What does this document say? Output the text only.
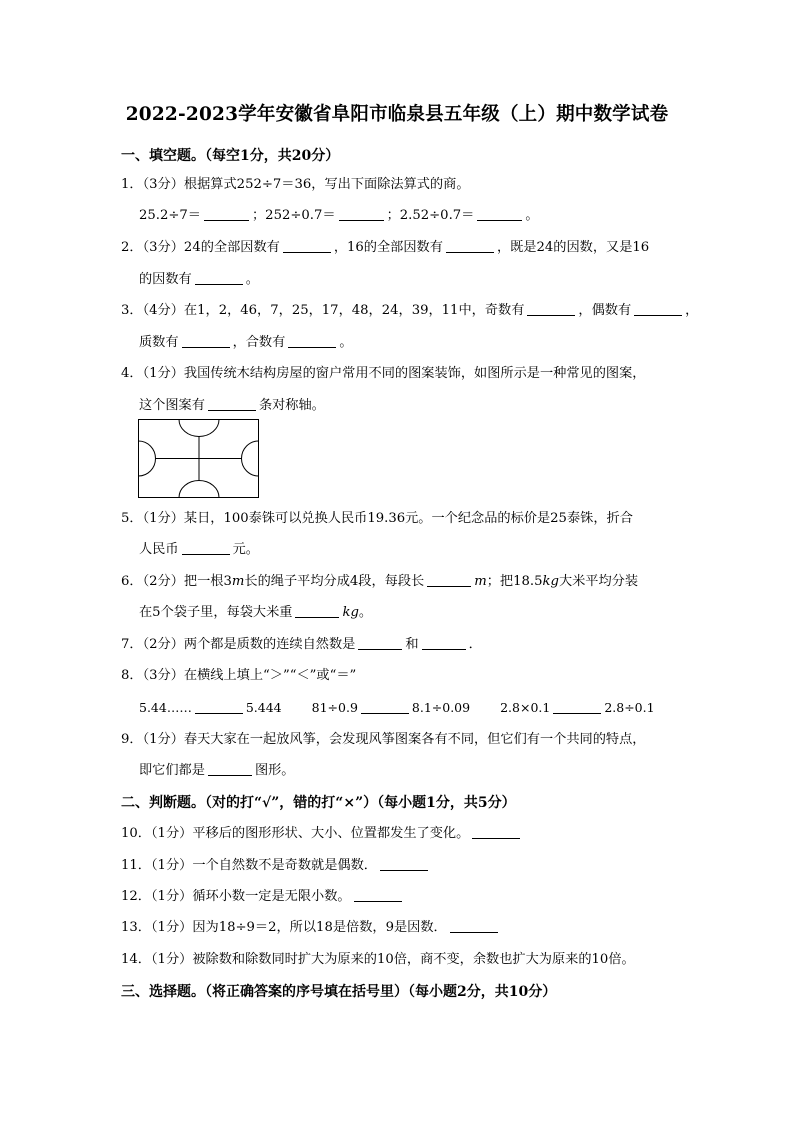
2022-2023学年安徽省阜阳市临泉县五年级（上）期中数学试卷
一、填空题。（每空1分，共20分）
1．（3分）根据算式252÷7＝36，写出下面除法算式的商。
25.2÷7＝	；252÷0.7＝	；2.52÷0.7＝	。
2．（3分）24的全部因数有	，16的全部因数有	，既是24的因数，又是16
的因数有	。
3．（4分）在1，2，46，7，25，17，48，24，39，11中，奇数有	，偶数有	，
质数有	，合数有	。
4．（1分）我国传统木结构房屋的窗户常用不同的图案装饰，如图所示是一种常见的图案，
这个图案有	条对称轴。
5．（1分）某日，100泰铢可以兑换人民币19.36元。一个纪念品的标价是25泰铢，折合
人民币	元。
6．（2分）把一根3m长的绳子平均分成4段，每段长	m；把18.5kg大米平均分装
在5个袋子里，每袋大米重	kg。
7．（2分）两个都是质数的连续自然数是	和	．
8．（3分）在横线上填上“＞”“＜”或“＝”
5.44……	5.444 81÷0.9	8.1÷0.09 2.8×0.1	2.8÷0.1
9．（1分）春天大家在一起放风筝，会发现风筝图案各有不同，但它们有一个共同的特点，
即它们都是	图形。
二、判断题。（对的打“√”，错的打“×”）（每小题1分，共5分）
10．（1分）平移后的图形形状、大小、位置都发生了变化。
11．（1分）一个自然数不是奇数就是偶数．
12．（1分）循环小数一定是无限小数。
13．（1分）因为18÷9＝2，所以18是倍数，9是因数．
14．（1分）被除数和除数同时扩大为原来的10倍，商不变，余数也扩大为原来的10倍。
三、选择题。（将正确答案的序号填在括号里）（每小题2分，共10分）
